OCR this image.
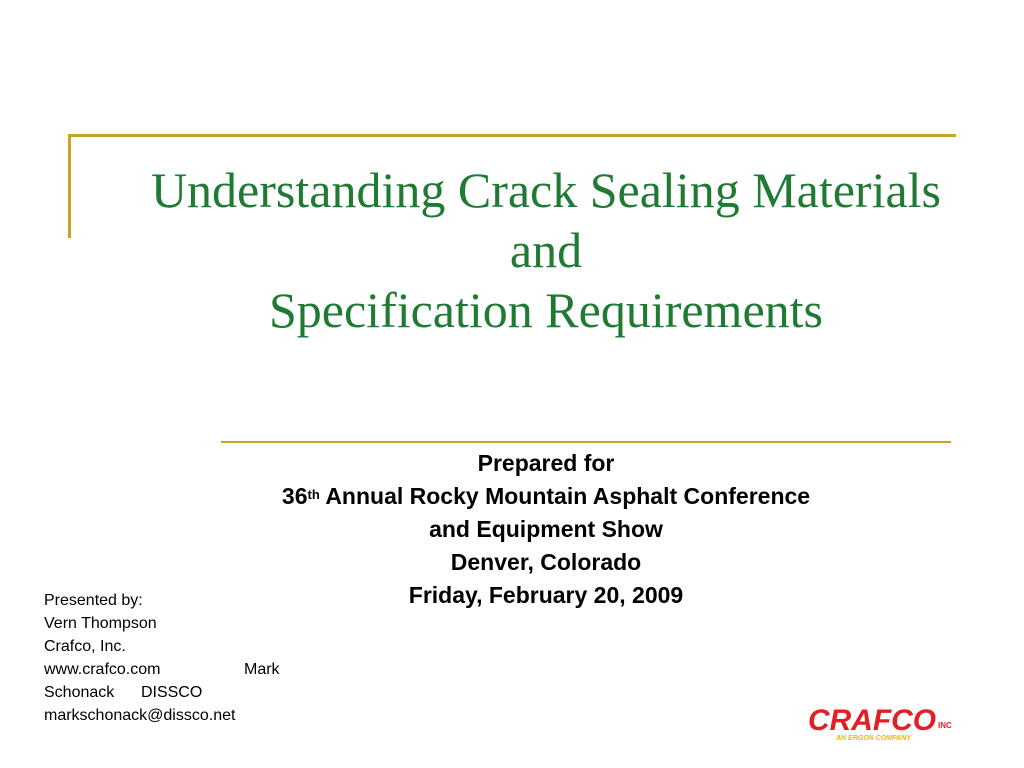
Understanding Crack Sealing Materials
and
Specification Requirements
Prepared for
36th Annual Rocky Mountain Asphalt Conference
and Equipment Show
Denver, Colorado
Friday, February 20, 2009
Presented by:
Vern Thompson
Crafco, Inc.
www.crafco.com	Mark
Schonack      DISSCO
markschonack@dissco.net	CRAFCO INC
AN ERGON COMPANY
